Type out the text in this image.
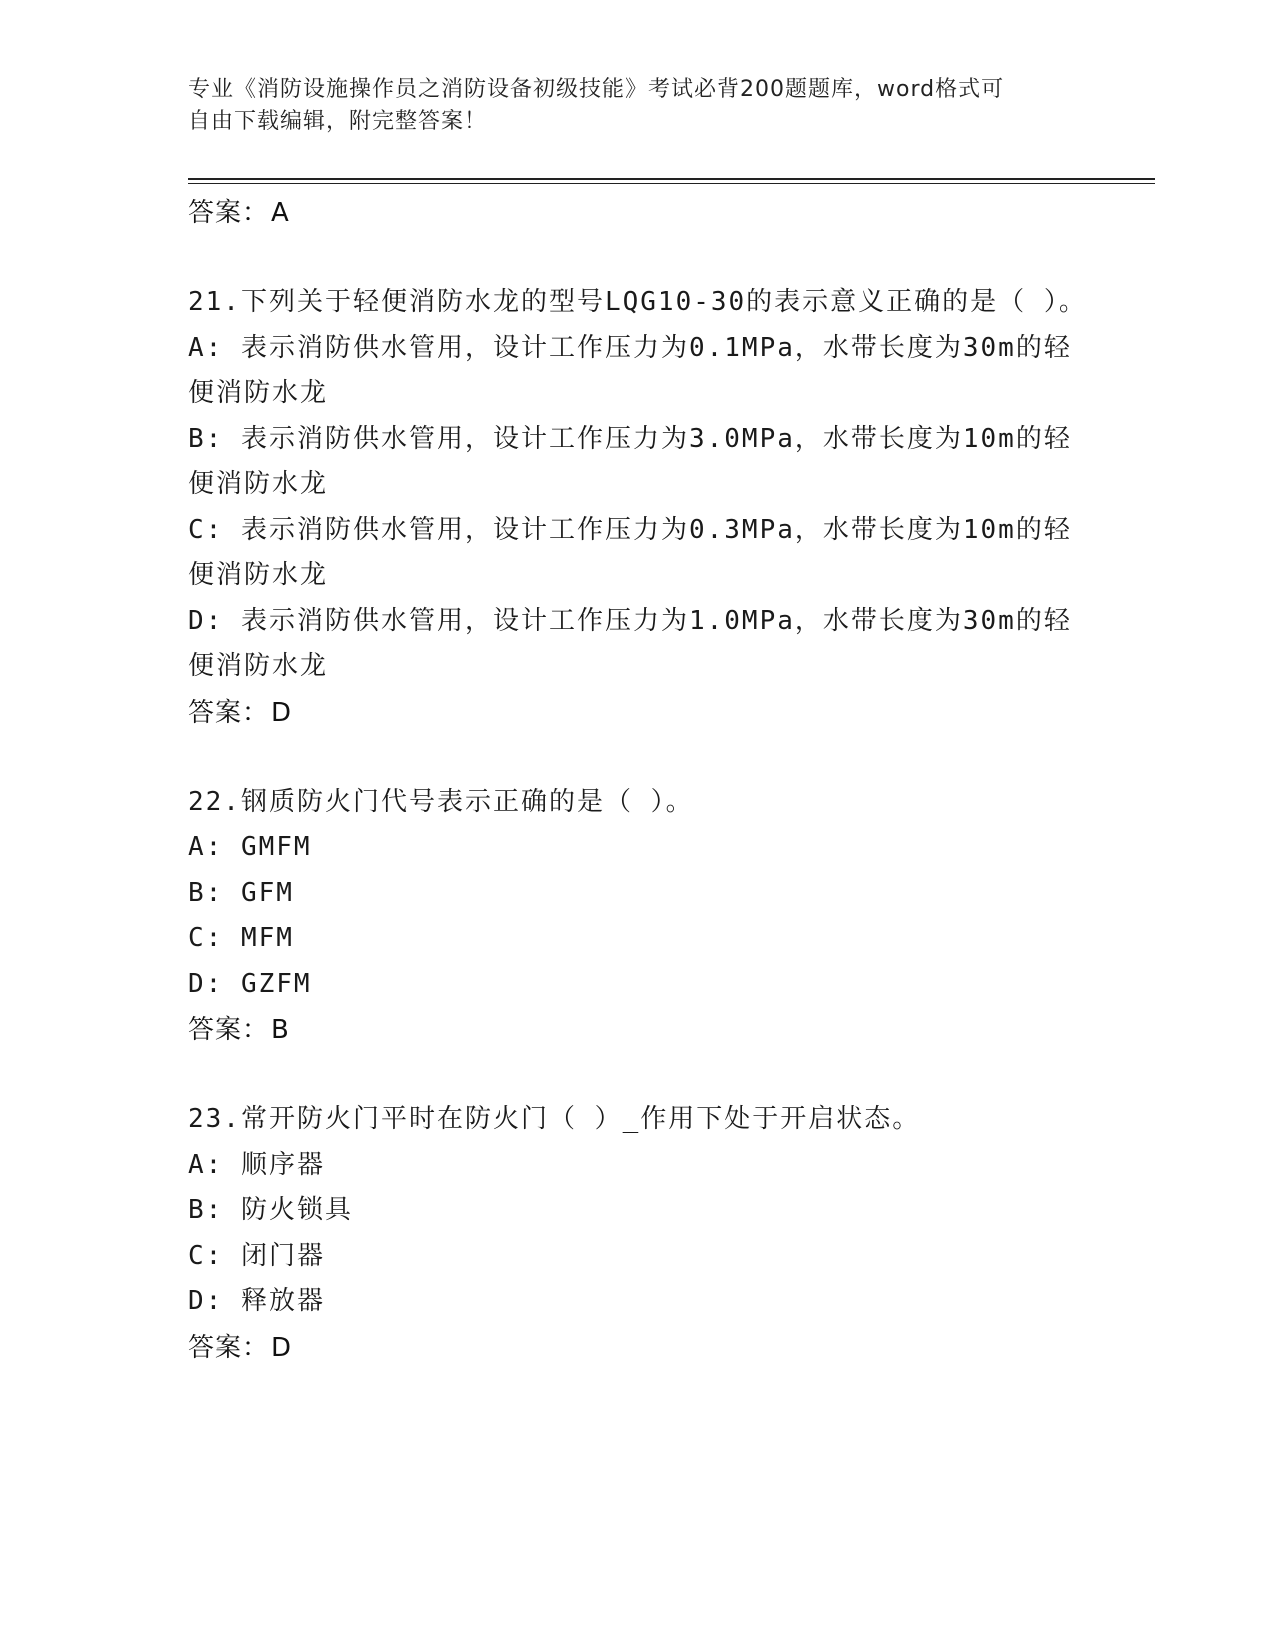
专业《消防设施操作员之消防设备初级技能》考试必背200题题库，word格式可
自由下载编辑，附完整答案！
答案：A
21.下列关于轻便消防水龙的型号LQG10-30的表示意义正确的是（ ）。
A: 表示消防供水管用，设计工作压力为0.1MPa，水带长度为30m的轻便消防水龙
B: 表示消防供水管用，设计工作压力为3.0MPa，水带长度为10m的轻便消防水龙
C: 表示消防供水管用，设计工作压力为0.3MPa，水带长度为10m的轻便消防水龙
D: 表示消防供水管用，设计工作压力为1.0MPa，水带长度为30m的轻便消防水龙
答案：D
22.钢质防火门代号表示正确的是（ ）。
A: GMFM
B: GFM
C: MFM
D: GZFM
答案：B
23.常开防火门平时在防火门（ ）_作用下处于开启状态。
A: 顺序器
B: 防火锁具
C: 闭门器
D: 释放器
答案：D
